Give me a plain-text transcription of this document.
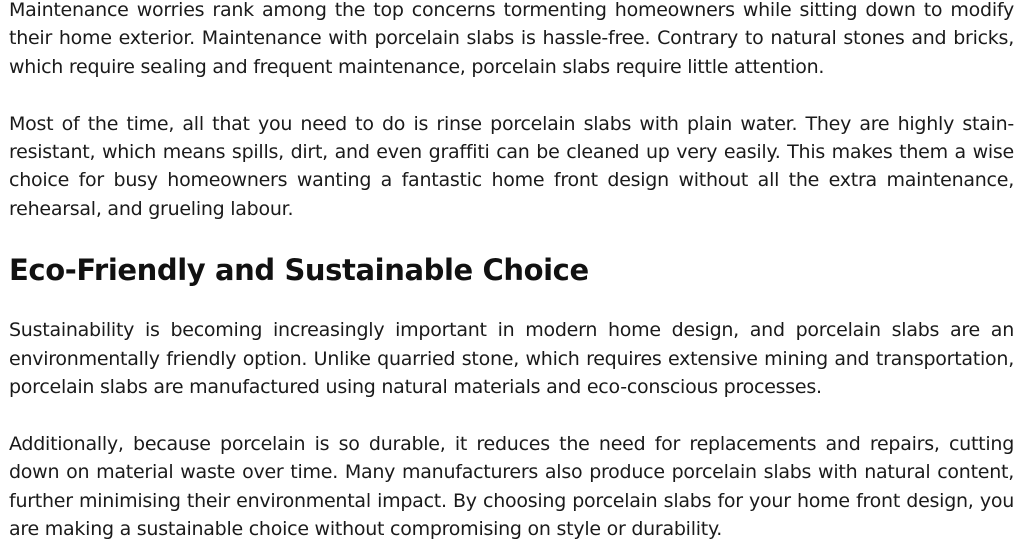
Maintenance worries rank among the top concerns tormenting homeowners while sitting down to modify their home exterior. Maintenance with porcelain slabs is hassle-free. Contrary to natural stones and bricks, which require sealing and frequent maintenance, porcelain slabs require little attention.

Most of the time, all that you need to do is rinse porcelain slabs with plain water. They are highly stain-resistant, which means spills, dirt, and even graffiti can be cleaned up very easily. This makes them a wise choice for busy homeowners wanting a fantastic home front design without all the extra maintenance, rehearsal, and grueling labour.

Eco-Friendly and Sustainable Choice

Sustainability is becoming increasingly important in modern home design, and porcelain slabs are an environmentally friendly option. Unlike quarried stone, which requires extensive mining and transportation, porcelain slabs are manufactured using natural materials and eco-conscious processes.

Additionally, because porcelain is so durable, it reduces the need for replacements and repairs, cutting down on material waste over time. Many manufacturers also produce porcelain slabs with natural content, further minimising their environmental impact. By choosing porcelain slabs for your home front design, you are making a sustainable choice without compromising on style or durability.
